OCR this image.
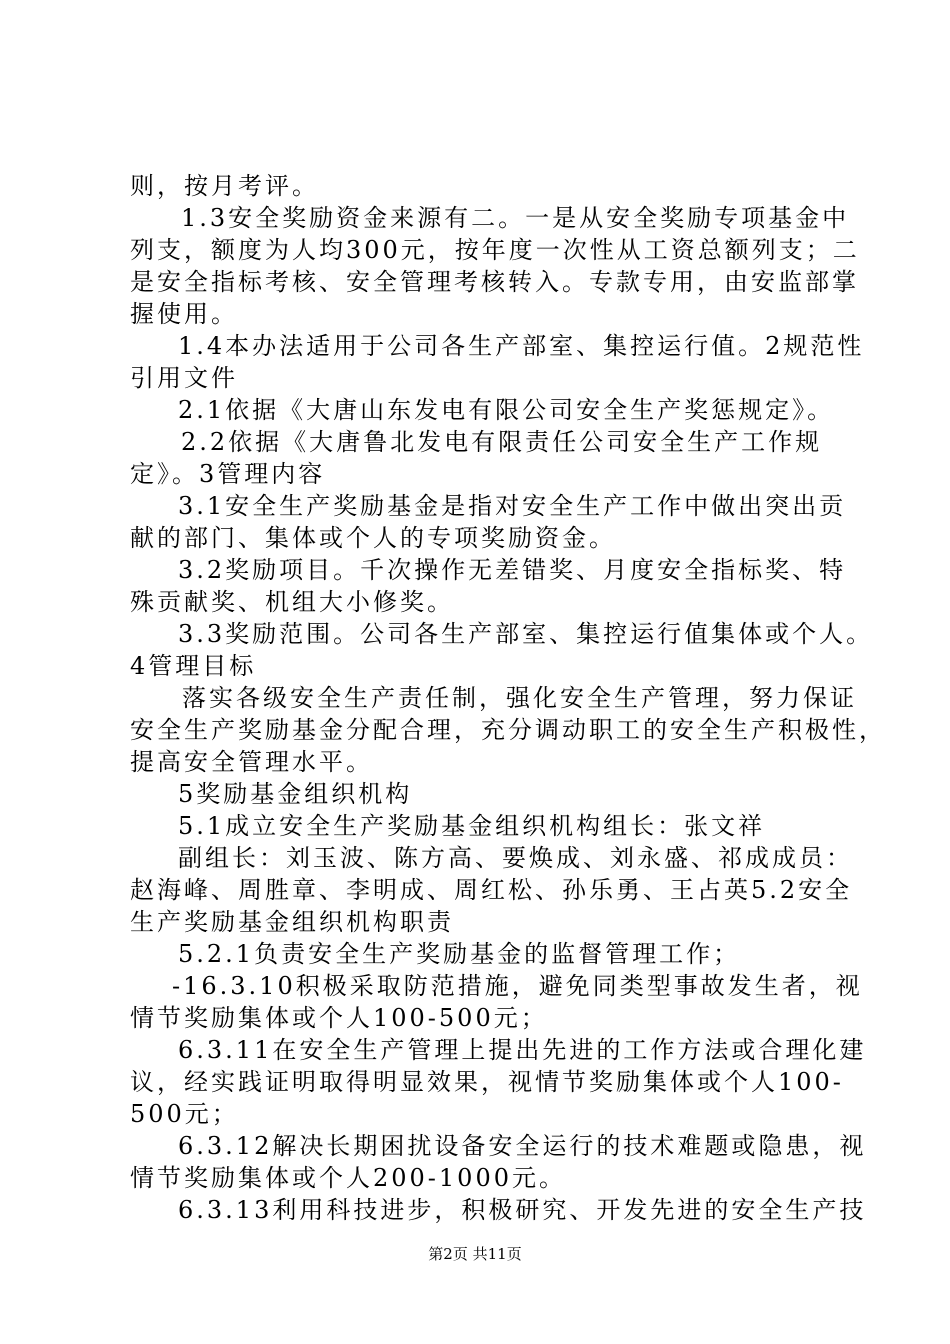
则，按月考评。
1.3安全奖励资金来源有二。一是从安全奖励专项基金中
列支，额度为人均300元，按年度一次性从工资总额列支；二
是安全指标考核、安全管理考核转入。专款专用，由安监部掌
握使用。
1.4本办法适用于公司各生产部室、集控运行值。2规范性
引用文件
2.1依据《大唐山东发电有限公司安全生产奖惩规定》。
2.2依据《大唐鲁北发电有限责任公司安全生产工作规
定》。3管理内容
3.1安全生产奖励基金是指对安全生产工作中做出突出贡
献的部门、集体或个人的专项奖励资金。
3.2奖励项目。千次操作无差错奖、月度安全指标奖、特
殊贡献奖、机组大小修奖。
3.3奖励范围。公司各生产部室、集控运行值集体或个人。
4管理目标
落实各级安全生产责任制，强化安全生产管理，努力保证
安全生产奖励基金分配合理，充分调动职工的安全生产积极性，
提高安全管理水平。
5奖励基金组织机构
5.1成立安全生产奖励基金组织机构组长：张文祥
副组长：刘玉波、陈方高、要焕成、刘永盛、祁成成员：
赵海峰、周胜章、李明成、周红松、孙乐勇、王占英5.2安全
生产奖励基金组织机构职责
5.2.1负责安全生产奖励基金的监督管理工作；
-16.3.10积极采取防范措施，避免同类型事故发生者，视
情节奖励集体或个人100-500元；
6.3.11在安全生产管理上提出先进的工作方法或合理化建
议，经实践证明取得明显效果，视情节奖励集体或个人100-
500元；
6.3.12解决长期困扰设备安全运行的技术难题或隐患，视
情节奖励集体或个人200-1000元。
6.3.13利用科技进步，积极研究、开发先进的安全生产技
第2页 共11页
